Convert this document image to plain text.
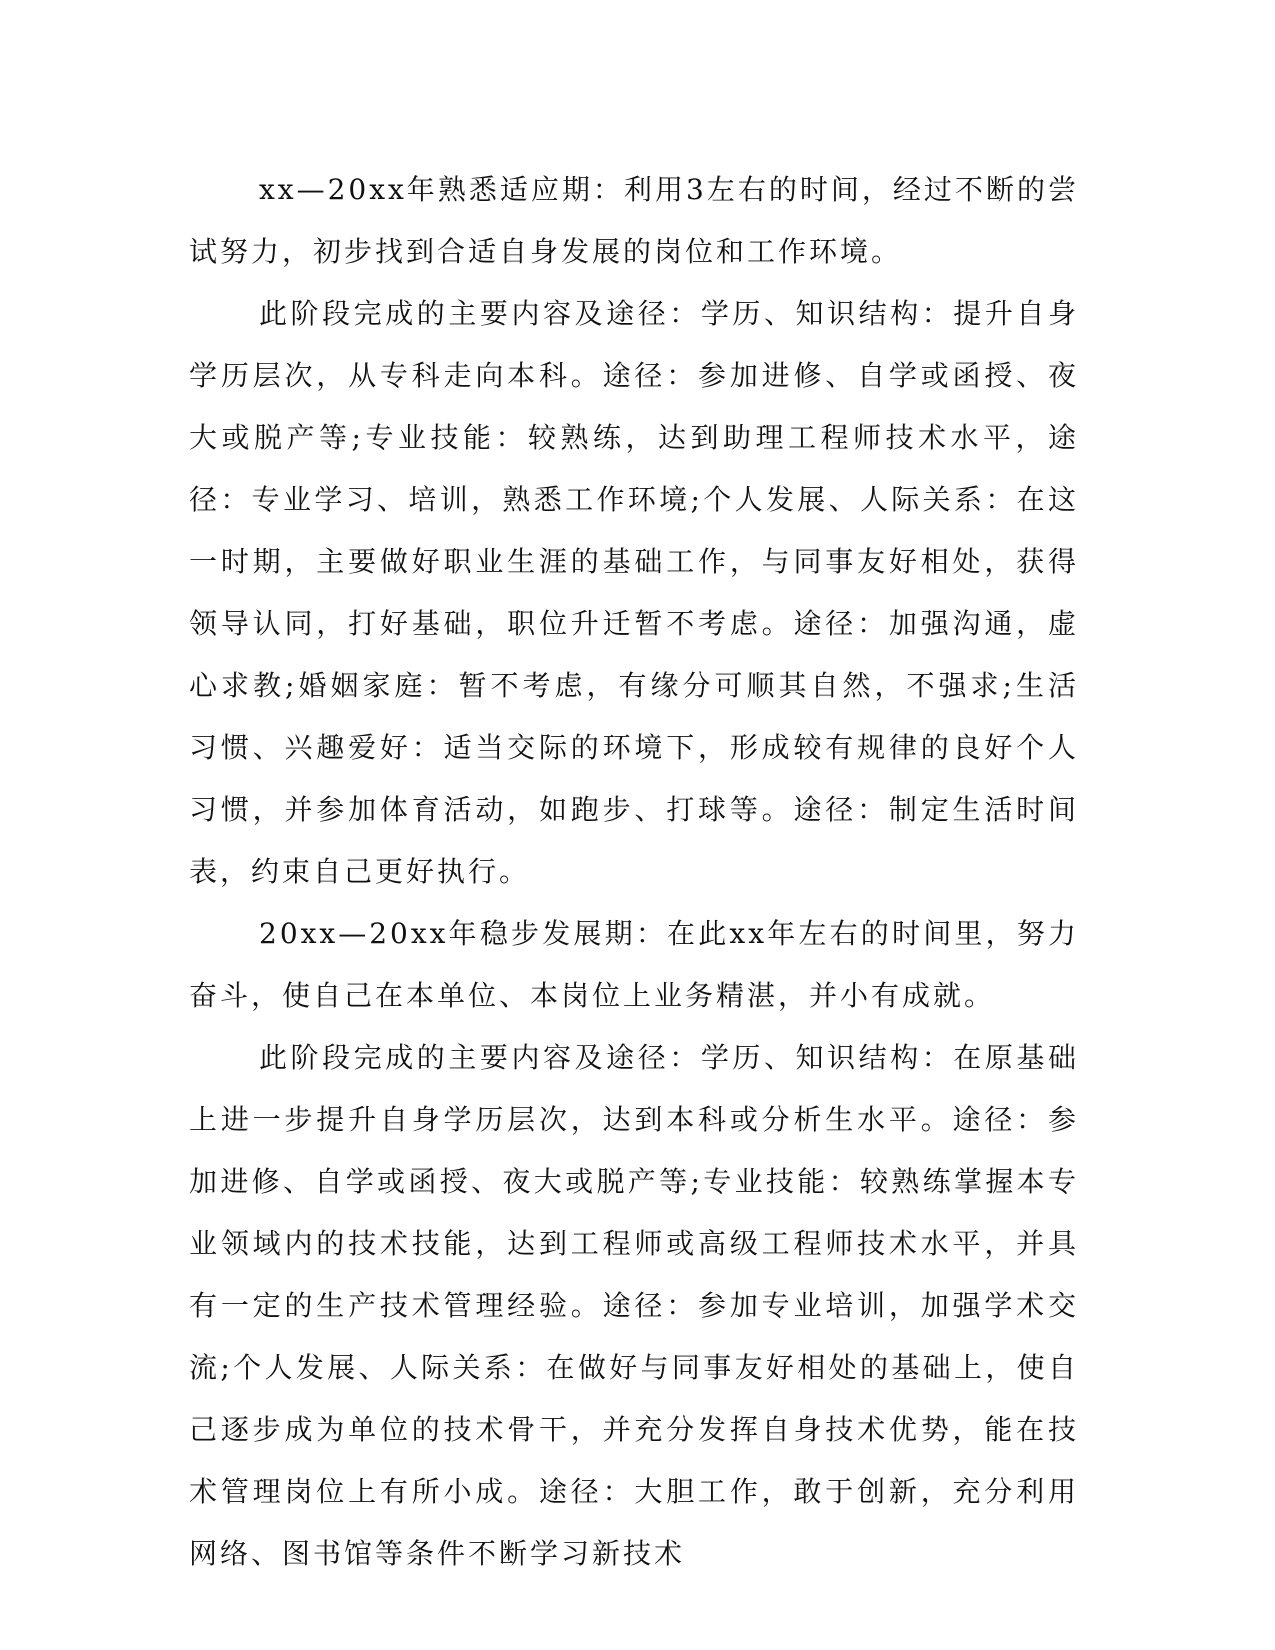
xx—20xx年熟悉适应期：利用3左右的时间，经过不断的尝试努力，初步找到合适自身发展的岗位和工作环境。

此阶段完成的主要内容及途径：学历、知识结构：提升自身学历层次，从专科走向本科。途径：参加进修、自学或函授、夜大或脱产等;专业技能：较熟练，达到助理工程师技术水平，途径：专业学习、培训，熟悉工作环境;个人发展、人际关系：在这一时期，主要做好职业生涯的基础工作，与同事友好相处，获得领导认同，打好基础，职位升迁暂不考虑。途径：加强沟通，虚心求教;婚姻家庭：暂不考虑，有缘分可顺其自然，不强求;生活习惯、兴趣爱好：适当交际的环境下，形成较有规律的良好个人习惯，并参加体育活动，如跑步、打球等。途径：制定生活时间表，约束自己更好执行。

20xx—20xx年稳步发展期：在此xx年左右的时间里，努力奋斗，使自己在本单位、本岗位上业务精湛，并小有成就。

此阶段完成的主要内容及途径：学历、知识结构：在原基础上进一步提升自身学历层次，达到本科或分析生水平。途径：参加进修、自学或函授、夜大或脱产等;专业技能：较熟练掌握本专业领域内的技术技能，达到工程师或高级工程师技术水平，并具有一定的生产技术管理经验。途径：参加专业培训，加强学术交流;个人发展、人际关系：在做好与同事友好相处的基础上，使自己逐步成为单位的技术骨干，并充分发挥自身技术优势，能在技术管理岗位上有所小成。途径：大胆工作，敢于创新，充分利用网络、图书馆等条件不断学习新技术
